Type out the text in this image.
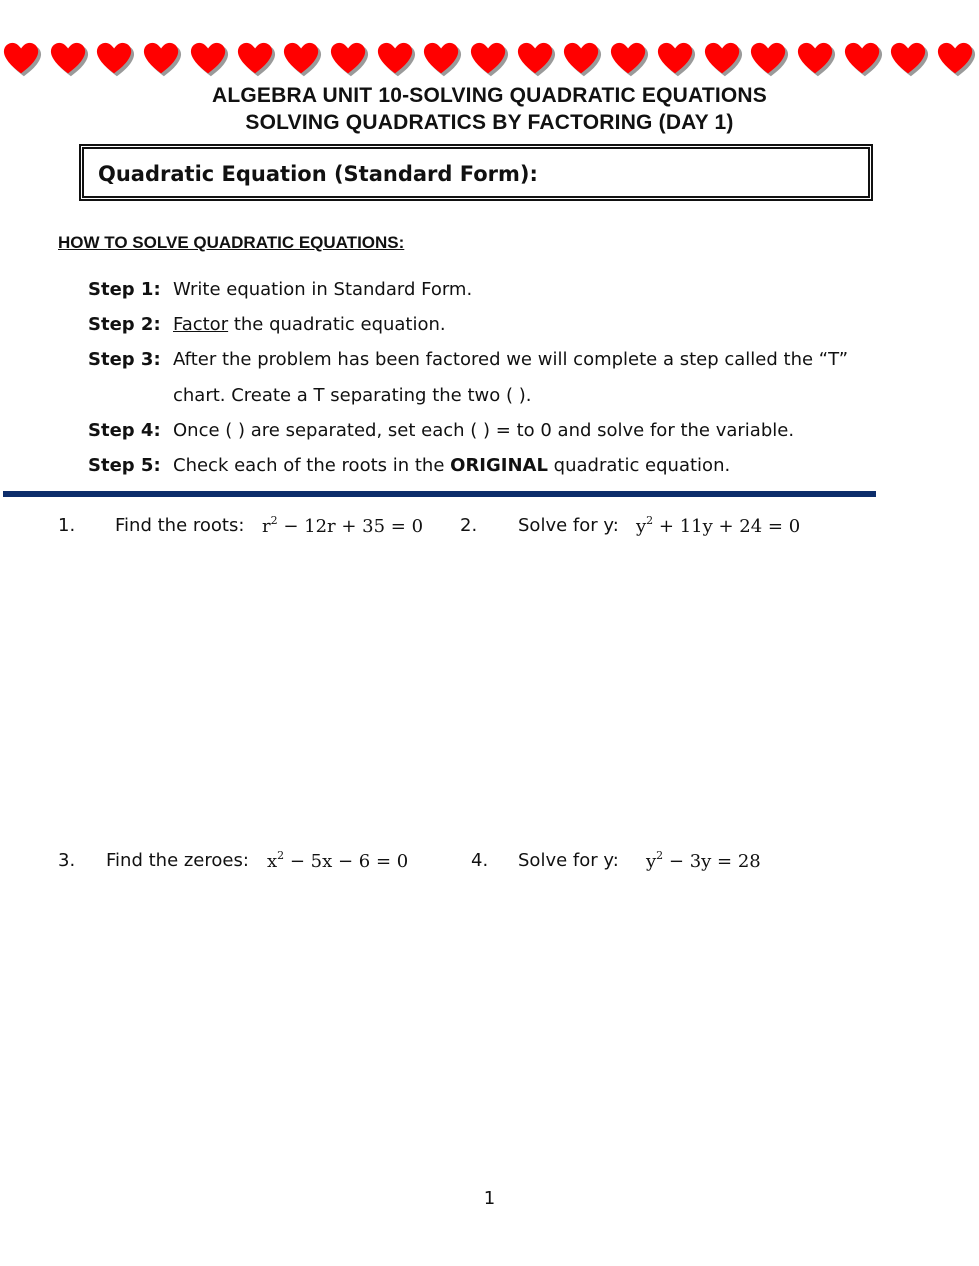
ALGEBRA UNIT 10-SOLVING QUADRATIC EQUATIONS
SOLVING QUADRATICS BY FACTORING (DAY 1)
Quadratic Equation (Standard Form):
HOW TO SOLVE QUADRATIC EQUATIONS:
Step 1: Write equation in Standard Form.
Step 2: Factor the quadratic equation.
Step 3: After the problem has been factored we will complete a step called the “T”
chart. Create a T separating the two ( ).
Step 4: Once ( ) are separated, set each ( ) = to 0 and solve for the variable.
Step 5: Check each of the roots in the ORIGINAL quadratic equation.
1. Find the roots: $r^2 - 12r + 35 = 0$ 2. Solve for y: $y^2 + 11y + 24 = 0$
3. Find the zeroes: $x^2 - 5x - 6 = 0$	4. Solve for y: $y^2 - 3y = 28$
1
